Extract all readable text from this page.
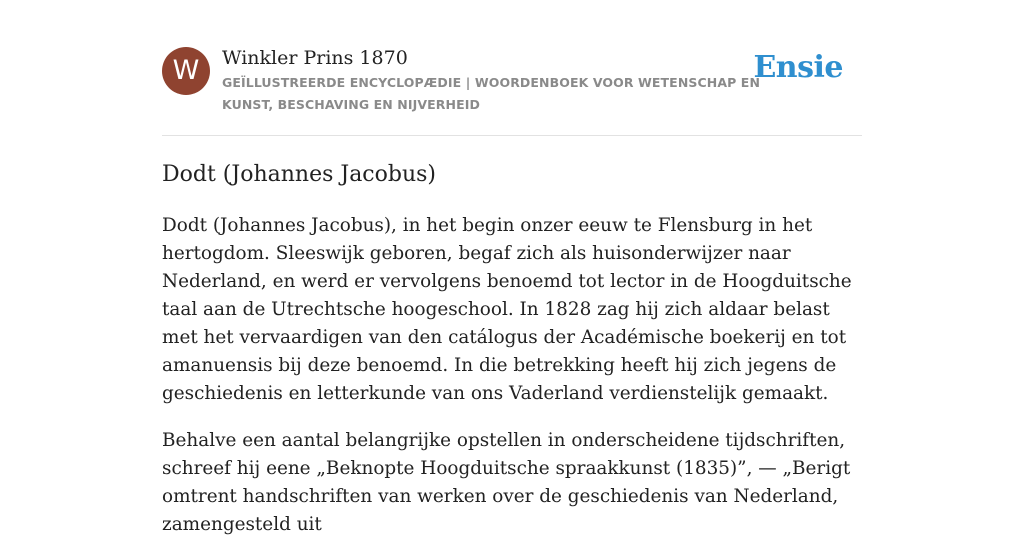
W	Winkler Prins 1870
GEÏLLUSTREERDE ENCYCLOPÆDIE | WOORDENBOEK VOOR WETENSCHAP EN KUNST, BESCHAVING EN NIJVERHEID
Ensie
Dodt (Johannes Jacobus)

Dodt (Johannes Jacobus), in het begin onzer eeuw te Flensburg in het hertogdom. Sleeswijk geboren, begaf zich als huisonderwijzer naar Nederland, en werd er vervolgens benoemd tot lector in de Hoogduitsche taal aan de Utrechtsche hoogeschool. In 1828 zag hij zich aldaar belast met het vervaardigen van den catálogus der Académische boekerij en tot amanuensis bij deze benoemd. In die betrekking heeft hij zich jegens de geschiedenis en letterkunde van ons Vaderland verdienstelijk gemaakt.

Behalve een aantal belangrijke opstellen in onderscheidene tijdschriften, schreef hij eene „Beknopte Hoogduitsche spraakkunst (1835)”, — „Berigt omtrent handschriften van werken over de geschiedenis van Nederland, zamengesteld uit
